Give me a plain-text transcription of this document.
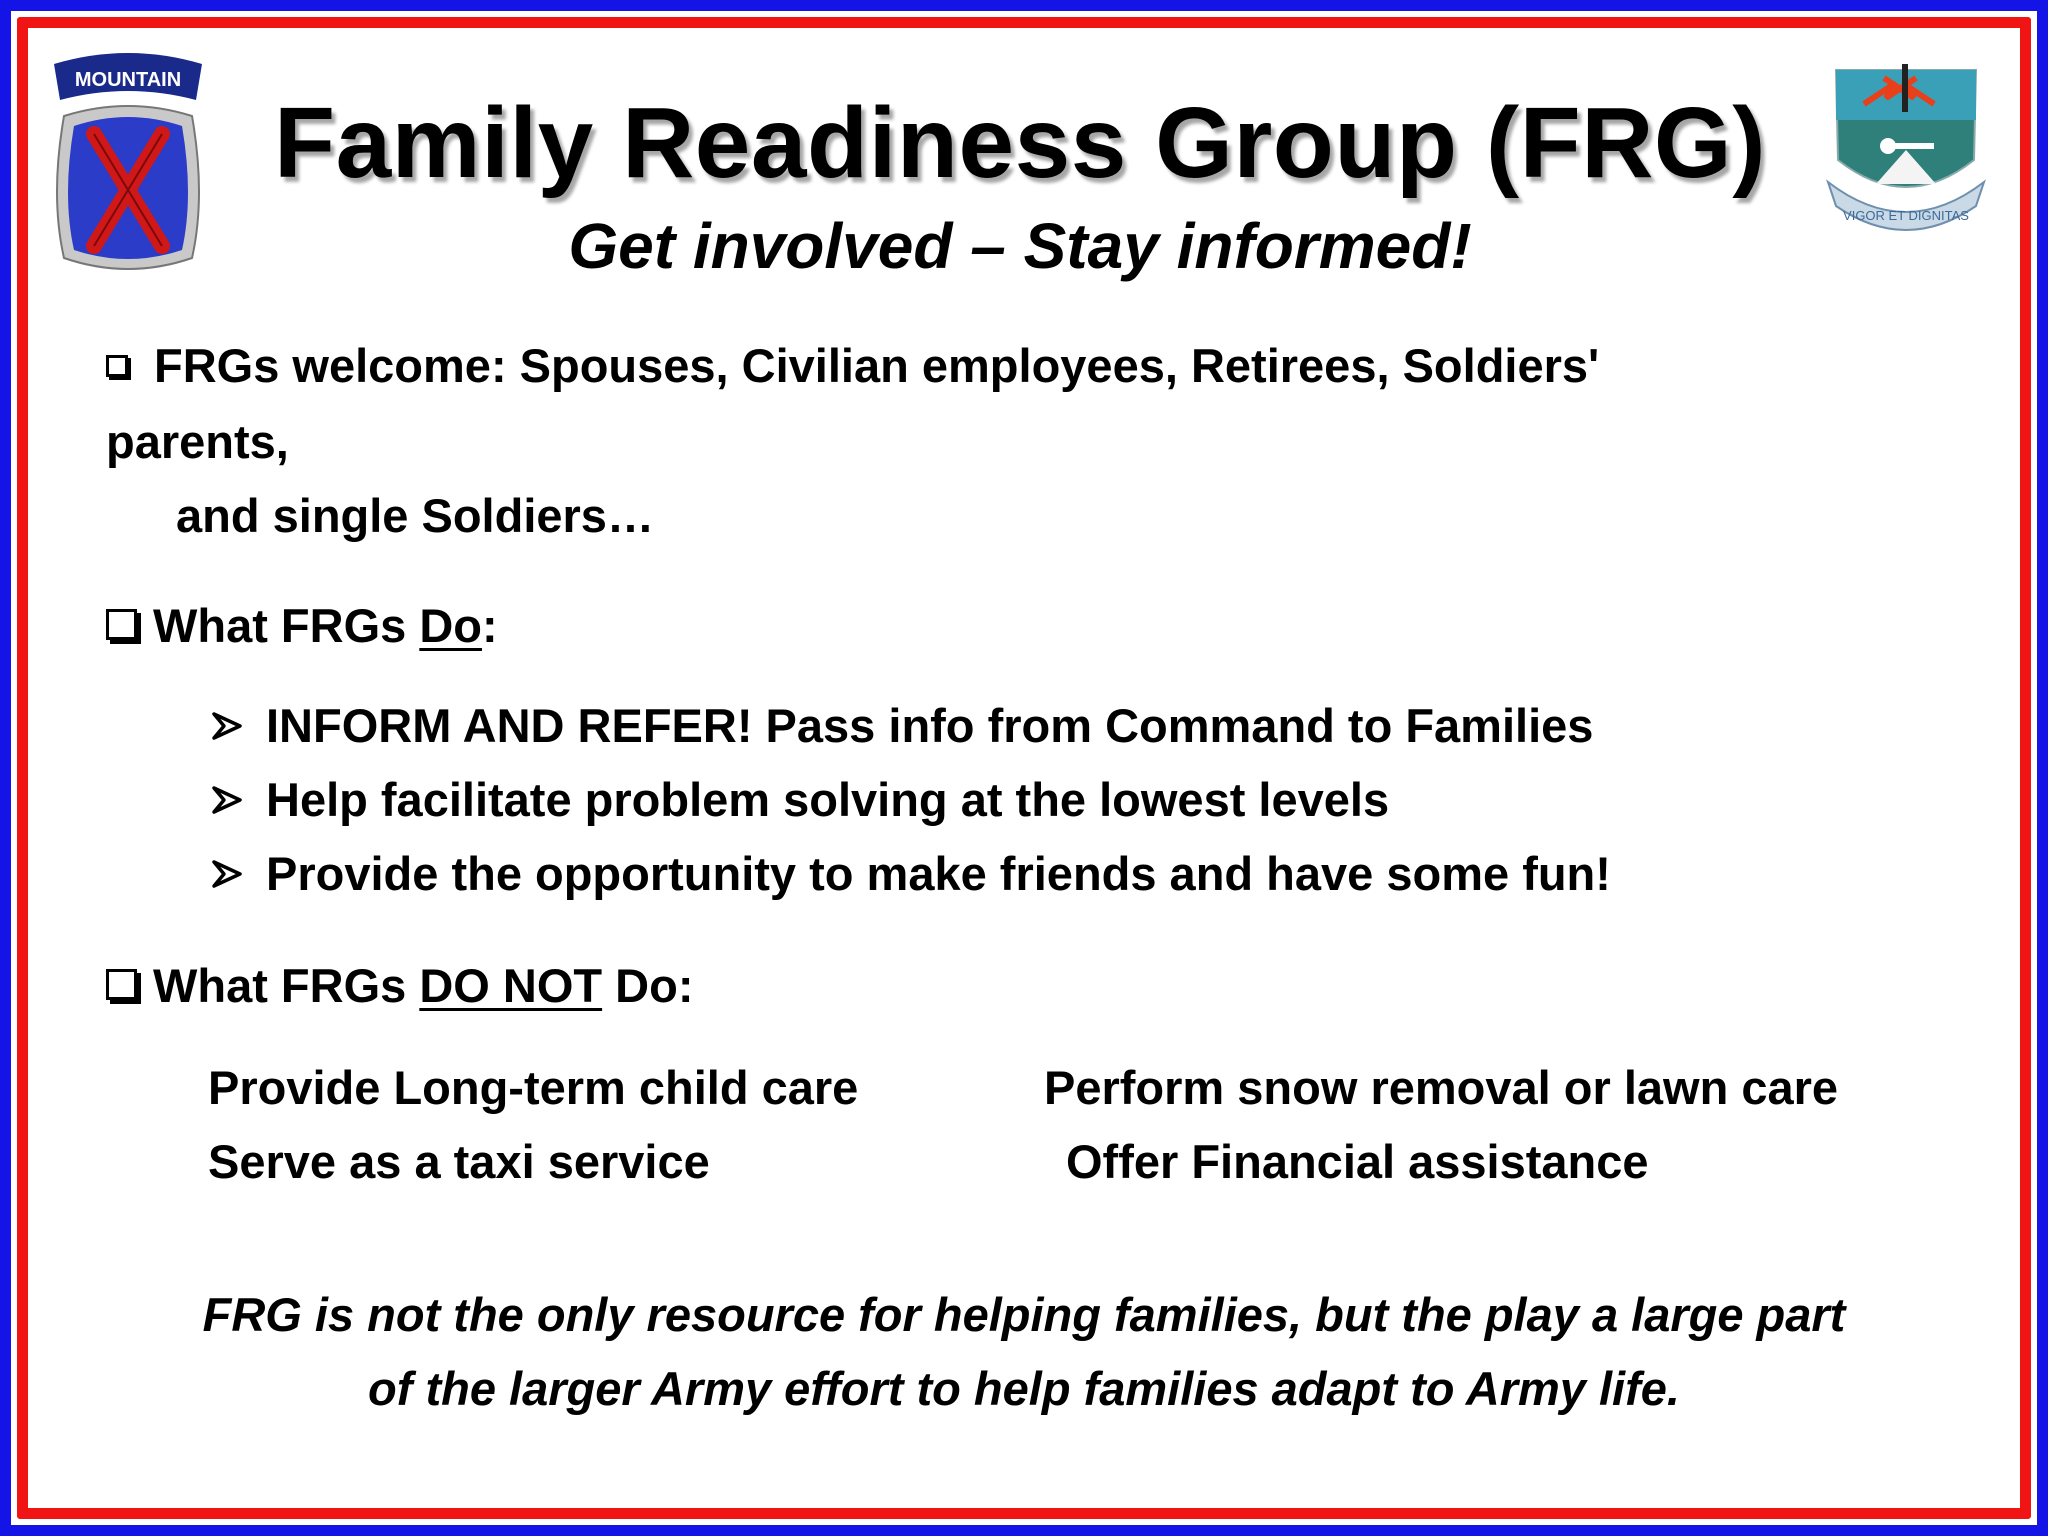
MOUNTAIN
VIGOR ET DIGNITAS
Family Readiness Group (FRG)
Get involved – Stay informed!
FRGs welcome: Spouses, Civilian employees, Retirees, Soldiers'
parents,
and single Soldiers…
What FRGs Do:
INFORM AND REFER! Pass info from Command to Families
Help facilitate problem solving at the lowest levels
Provide the opportunity to make friends and have some fun!
What FRGs DO NOT Do:
Provide Long-term child care
Serve as a taxi service
Perform snow removal or lawn care
Offer Financial assistance
FRG is not the only resource for helping families, but the play a large part
of the larger Army effort to help families adapt to Army life.
